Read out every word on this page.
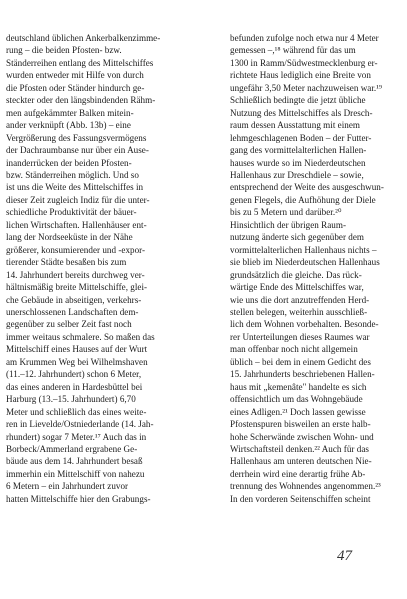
deutschland üblichen Ankerbalkenzimme-
rung – die beiden Pfosten- bzw.
Ständerreihen entlang des Mittelschiffes
wurden entweder mit Hilfe von durch
die Pfosten oder Ständer hindurch ge-
steckter oder den längsbindenden Rähm-
men aufgekämmter Balken mitein-
ander verknüpft (Abb. 13b) – eine
Vergrößerung des Fassungsvermögens
der Dachraumbanse nur über ein Ause-
inanderrücken der beiden Pfosten-
bzw. Ständerreihen möglich. Und so
ist uns die Weite des Mittelschiffes in
dieser Zeit zugleich Indiz für die unter-
schiedliche Produktivität der bäuer-
lichen Wirtschaften. Hallenhäuser ent-
lang der Nordseeküste in der Nähe
größerer, konsumierender und -expor-
tierender Städte besaßen bis zum
14. Jahrhundert bereits durchweg ver-
hältnismäßig breite Mittelschiffe, glei-
che Gebäude in abseitigen, verkehrs-
unerschlossenen Landschaften dem-
gegenüber zu selber Zeit fast noch
immer weitaus schmalere. So maßen das
Mittelschiff eines Hauses auf der Wurt
am Krummen Weg bei Wilhelmshaven
(11.–12. Jahrhundert) schon 6 Meter,
das eines anderen in Hardesbüttel bei
Harburg (13.–15. Jahrhundert) 6,70
Meter und schließlich das eines weite-
ren in Lievelde/Ostniederlande (14. Jah-
rhundert) sogar 7 Meter.¹⁷ Auch das in
Borbeck/Ammerland ergrabene Ge-
bäude aus dem 14. Jahrhundert besaß
immerhin ein Mittelschiff von nahezu
6 Metern – ein Jahrhundert zuvor
hatten Mittelschiffe hier den Grabungs-
befunden zufolge noch etwa nur 4 Meter
gemessen –,¹⁸ während für das um
1300 in Ramm/Südwestmecklenburg er-
richtete Haus lediglich eine Breite von
ungefähr 3,50 Meter nachzuweisen war.¹⁹
Schließlich bedingte die jetzt übliche
Nutzung des Mittelschiffes als Dresch-
raum dessen Ausstattung mit einem
lehmgeschlagenen Boden – der Futter-
gang des vormittelalterlichen Hallen-
hauses wurde so im Niederdeutschen
Hallenhaus zur Dreschdiele – sowie,
entsprechend der Weite des ausgeschwun-
genen Flegels, die Aufhöhung der Diele
bis zu 5 Metern und darüber.²⁰
Hinsichtlich der übrigen Raum-
nutzung änderte sich gegenüber dem
vormittelalterlichen Hallenhaus nichts –
sie blieb im Niederdeutschen Hallenhaus
grundsätzlich die gleiche. Das rück-
wärtige Ende des Mittelschiffes war,
wie uns die dort anzutreffenden Herd-
stellen belegen, weiterhin ausschließ-
lich dem Wohnen vorbehalten. Besonde-
rer Unterteilungen dieses Raumes war
man offenbar noch nicht allgemein
üblich – bei dem in einem Gedicht des
15. Jahrhunderts beschriebenen Hallen-
haus mit „kemenâte" handelte es sich
offensichtlich um das Wohngebäude
eines Adligen.²¹ Doch lassen gewisse
Pfostenspuren bisweilen an erste halb-
hohe Scherwände zwischen Wohn- und
Wirtschaftsteil denken.²² Auch für das
Hallenhaus am unteren deutschen Nie-
derrhein wird eine derartig frühe Ab-
trennung des Wohnendes angenommen.²³
In den vorderen Seitenschiffen scheint
47
